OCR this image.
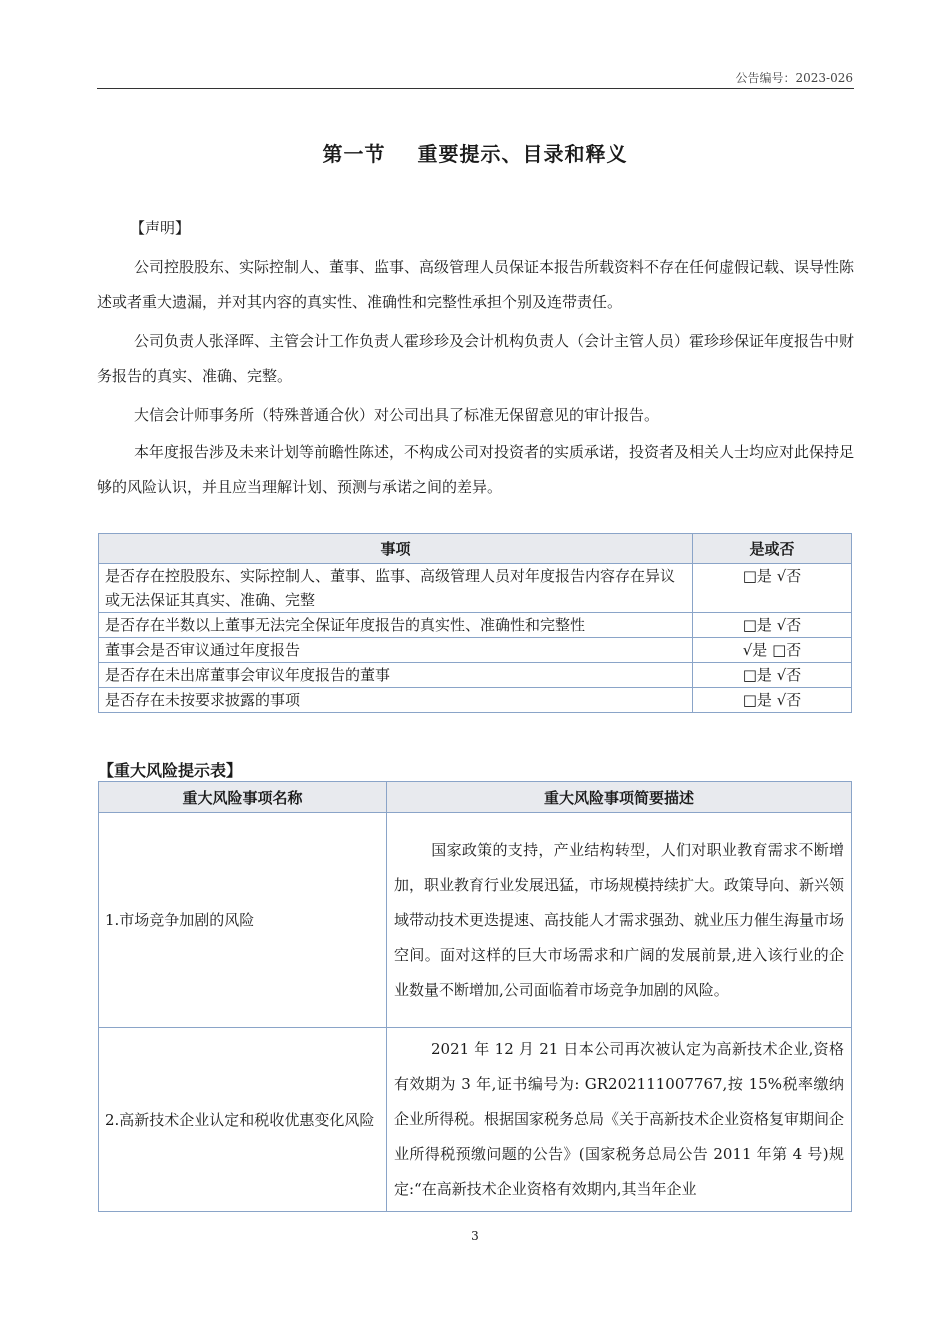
公告编号：2023-026
第一节 重要提示、目录和释义
【声明】

公司控股股东、实际控制人、董事、监事、高级管理人员保证本报告所载资料不存在任何虚假记载、误导性陈述或者重大遗漏，并对其内容的真实性、准确性和完整性承担个别及连带责任。

公司负责人张泽晖、主管会计工作负责人霍珍珍及会计机构负责人（会计主管人员）霍珍珍保证年度报告中财务报告的真实、准确、完整。

大信会计师事务所（特殊普通合伙）对公司出具了标准无保留意见的审计报告。

本年度报告涉及未来计划等前瞻性陈述，不构成公司对投资者的实质承诺，投资者及相关人士均应对此保持足够的风险认识，并且应当理解计划、预测与承诺之间的差异。

事项	是或否
是否存在控股股东、实际控制人、董事、监事、高级管理人员对年度报告内容存在异议或无法保证其真实、准确、完整	□是 √否
是否存在半数以上董事无法完全保证年度报告的真实性、准确性和完整性	□是 √否
董事会是否审议通过年度报告	√是 □否
是否存在未出席董事会审议年度报告的董事	□是 √否
是否存在未按要求披露的事项	□是 √否
【重大风险提示表】
重大风险事项名称	重大风险事项简要描述
1.市场竞争加剧的风险	国家政策的支持，产业结构转型，人们对职业教育需求不断增加，职业教育行业发展迅猛，市场规模持续扩大。政策导向、新兴领域带动技术更迭提速、高技能人才需求强劲、就业压力催生海量市场空间。面对这样的巨大市场需求和广阔的发展前景,进入该行业的企业数量不断增加,公司面临着市场竞争加剧的风险。
2.高新技术企业认定和税收优惠变化风险	2021 年 12 月 21 日本公司再次被认定为高新技术企业,资格有效期为 3 年,证书编号为: GR202111007767,按 15%税率缴纳企业所得税。根据国家税务总局《关于高新技术企业资格复审期间企业所得税预缴问题的公告》(国家税务总局公告 2011 年第 4 号)规定:“在高新技术企业资格有效期内,其当年企业
3
